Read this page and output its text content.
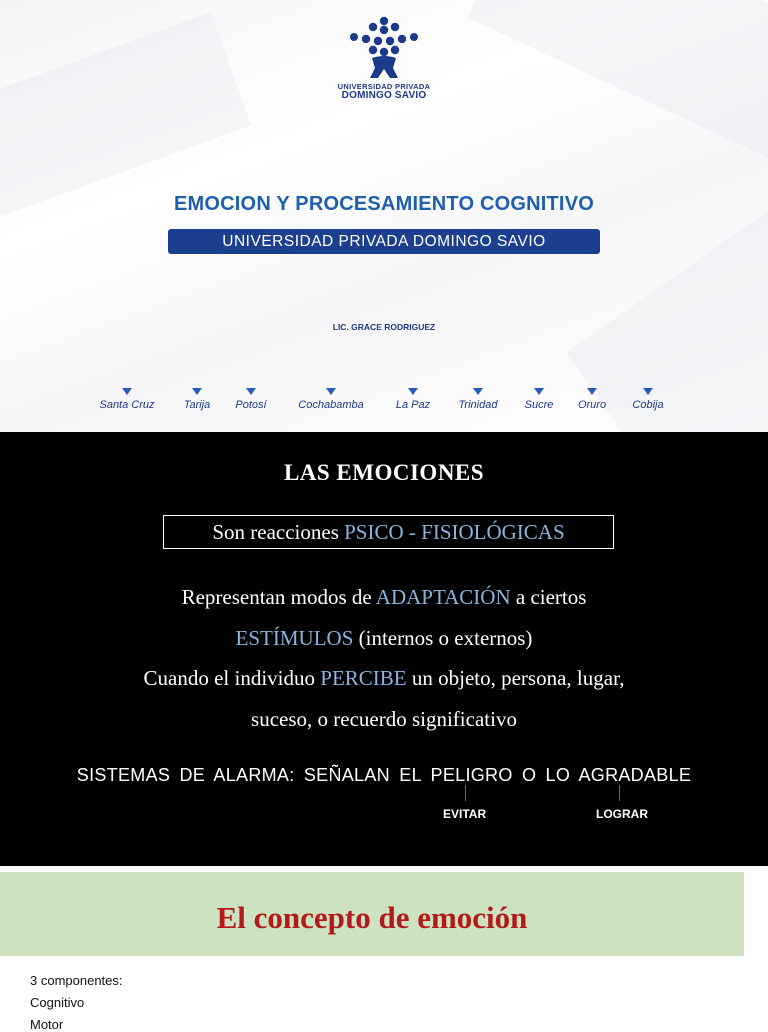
UNIVERSIDAD PRIVADA
DOMINGO SAVIO
EMOCION Y PROCESAMIENTO COGNITIVO
UNIVERSIDAD PRIVADA DOMINGO SAVIO
LIC. GRACE RODRIGUEZ
Santa Cruz	Tarija	Potosí	Cochabamba	La Paz	Trinidad	Sucre	Oruro	Cobija
LAS EMOCIONES
Son reacciones PSICO - FISIOLÓGICAS
Representan modos de ADAPTACIÓN a ciertos
ESTÍMULOS (internos o externos)
Cuando el individuo PERCIBE un objeto, persona, lugar,
suceso, o recuerdo significativo
SISTEMAS DE ALARMA: SEÑALAN EL PELIGRO O LO AGRADABLE
EVITAR	LOGRAR
El concepto de emoción
3 componentes:
Cognitivo
Motor
